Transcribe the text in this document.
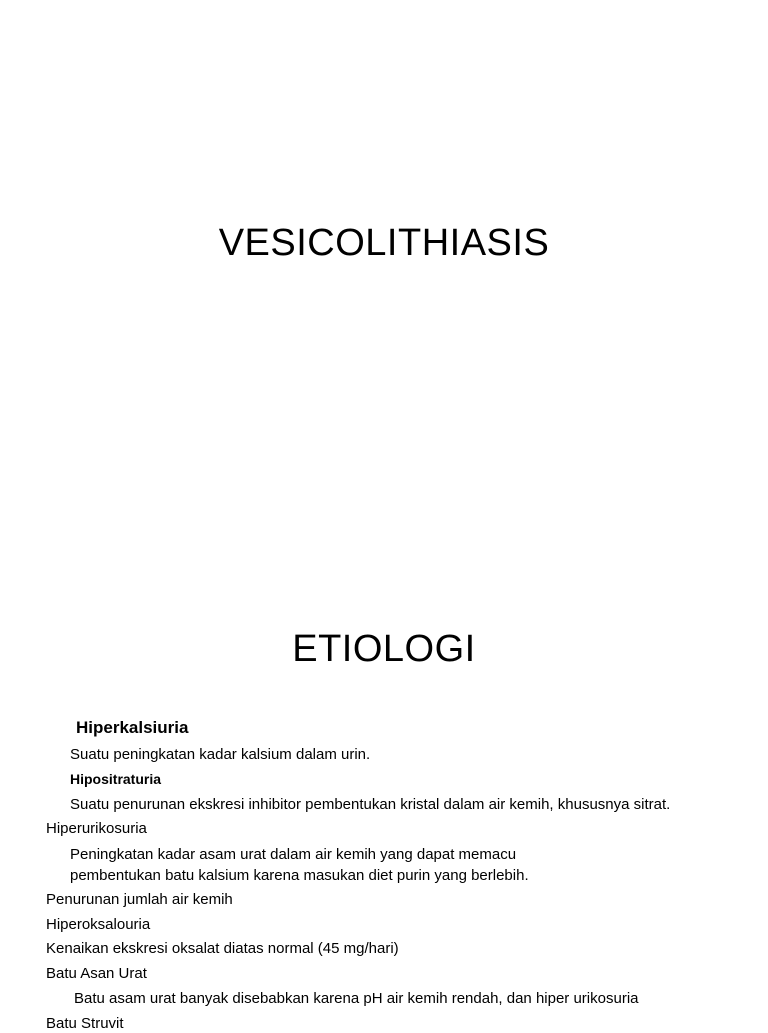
VESICOLITHIASIS
ETIOLOGI
Hiperkalsiuria
Suatu peningkatan kadar kalsium dalam urin.
Hipositraturia
Suatu penurunan ekskresi inhibitor pembentukan kristal dalam air kemih, khususnya sitrat.
Hiperurikosuria
Peningkatan kadar asam urat dalam air kemih yang dapat memacu
pembentukan batu kalsium karena masukan diet purin yang berlebih.
Penurunan jumlah air kemih
Hiperoksalouria
Kenaikan ekskresi oksalat diatas normal (45 mg/hari)
Batu Asan Urat
Batu asam urat banyak disebabkan karena pH air kemih rendah, dan hiper urikosuria
Batu Struvit
